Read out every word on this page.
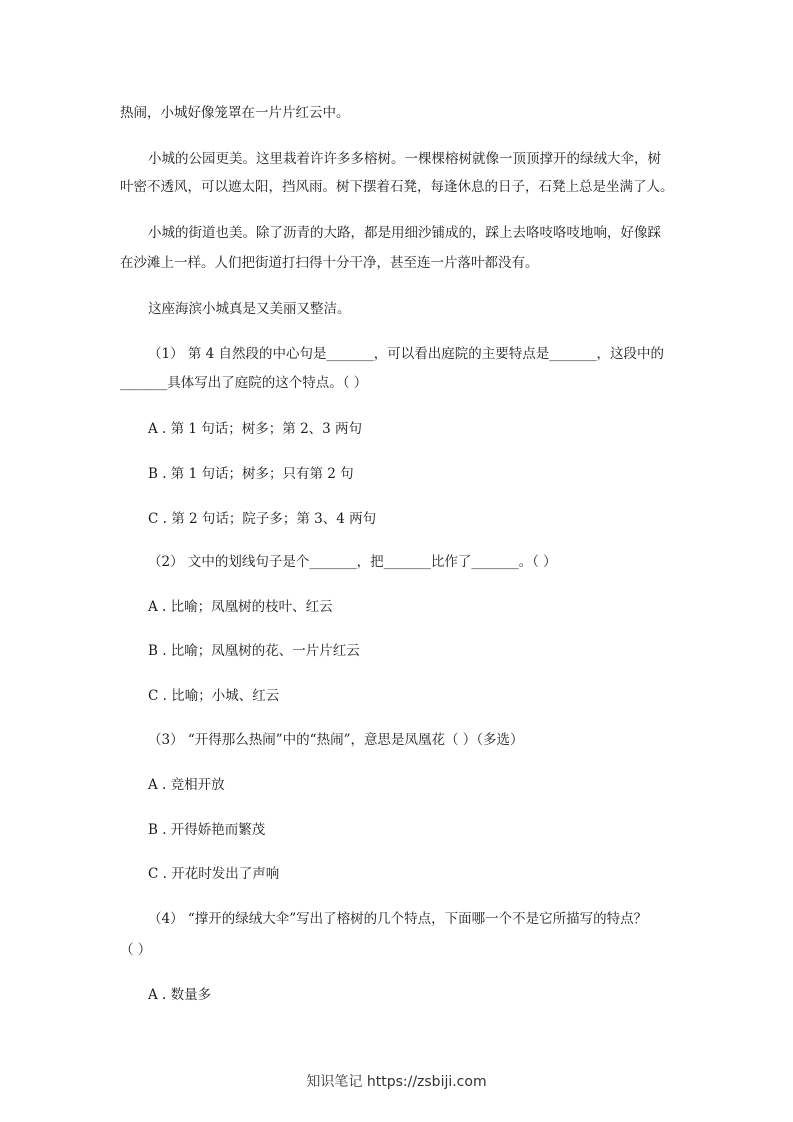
热闹，小城好像笼罩在一片片红云中。
小城的公园更美。这里栽着许许多多榕树。一棵棵榕树就像一顶顶撑开的绿绒大伞，树
叶密不透风，可以遮太阳，挡风雨。树下摆着石凳，每逢休息的日子，石凳上总是坐满了人。
小城的街道也美。除了沥青的大路，都是用细沙铺成的，踩上去咯吱咯吱地响，好像踩
在沙滩上一样。人们把街道打扫得十分干净，甚至连一片落叶都没有。
这座海滨小城真是又美丽又整洁。
（1） 第 4 自然段的中心句是_______，可以看出庭院的主要特点是_______，这段中的
_______具体写出了庭院的这个特点。（ ）
A . 第 1 句话；树多；第 2、3 两句
B . 第 1 句话；树多；只有第 2 句
C . 第 2 句话；院子多；第 3、4 两句
（2） 文中的划线句子是个_______，把_______比作了_______。（ ）
A . 比喻；凤凰树的枝叶、红云
B . 比喻；凤凰树的花、一片片红云
C . 比喻；小城、红云
（3） “开得那么热闹”中的“热闹”，意思是凤凰花（ ）（多选）
A . 竞相开放
B . 开得娇艳而繁茂
C . 开花时发出了声响
（4） “撑开的绿绒大伞”写出了榕树的几个特点，下面哪一个不是它所描写的特点？
（ ）
A . 数量多
知识笔记 https://zsbiji.com
